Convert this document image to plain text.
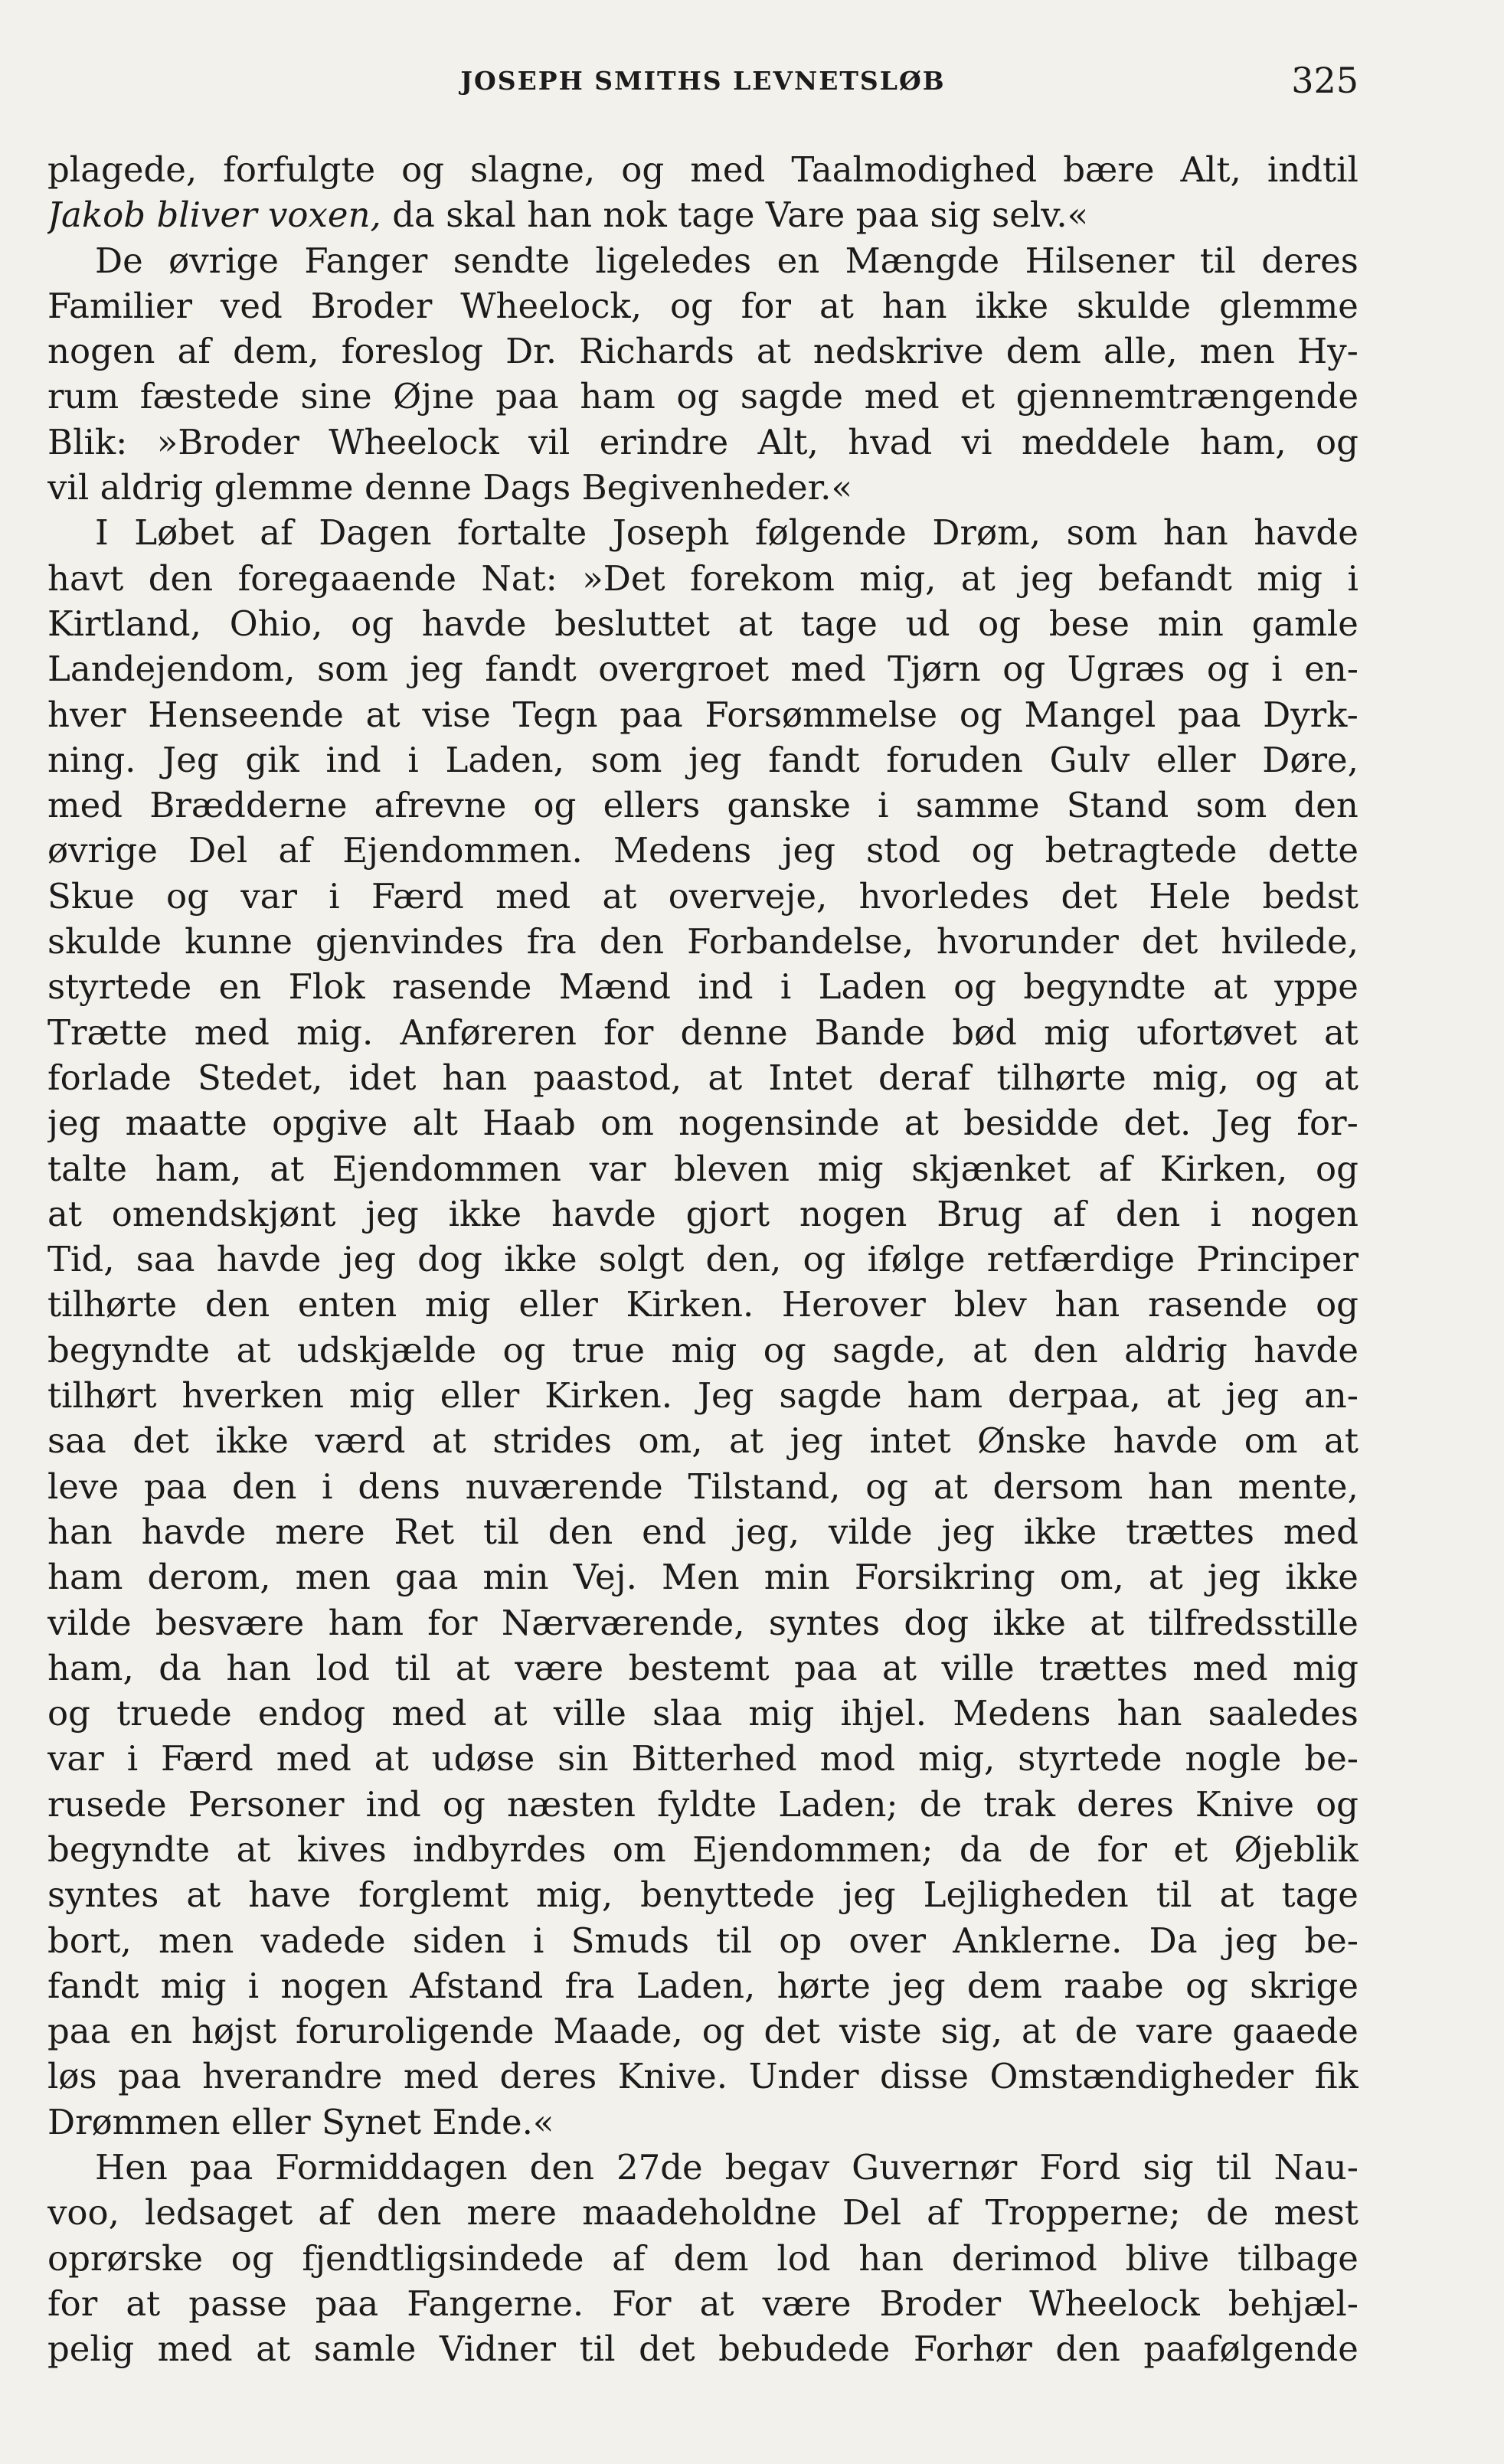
JOSEPH SMITHS LEVNETSLØB	325
plagede, forfulgte og slagne, og med Taalmodighed bære Alt, indtil
Jakob bliver voxen, da skal han nok tage Vare paa sig selv.«
De øvrige Fanger sendte ligeledes en Mængde Hilsener til deres
Familier ved Broder Wheelock, og for at han ikke skulde glemme
nogen af dem, foreslog Dr. Richards at nedskrive dem alle, men Hy-
rum fæstede sine Øjne paa ham og sagde med et gjennemtrængende
Blik: »Broder Wheelock vil erindre Alt, hvad vi meddele ham, og
vil aldrig glemme denne Dags Begivenheder.«
I Løbet af Dagen fortalte Joseph følgende Drøm, som han havde
havt den foregaaende Nat: »Det forekom mig, at jeg befandt mig i
Kirtland, Ohio, og havde besluttet at tage ud og bese min gamle
Landejendom, som jeg fandt overgroet med Tjørn og Ugræs og i en-
hver Henseende at vise Tegn paa Forsømmelse og Mangel paa Dyrk-
ning. Jeg gik ind i Laden, som jeg fandt foruden Gulv eller Døre,
med Brædderne afrevne og ellers ganske i samme Stand som den
øvrige Del af Ejendommen. Medens jeg stod og betragtede dette
Skue og var i Færd med at overveje, hvorledes det Hele bedst
skulde kunne gjenvindes fra den Forbandelse, hvorunder det hvilede,
styrtede en Flok rasende Mænd ind i Laden og begyndte at yppe
Trætte med mig. Anføreren for denne Bande bød mig ufortøvet at
forlade Stedet, idet han paastod, at Intet deraf tilhørte mig, og at
jeg maatte opgive alt Haab om nogensinde at besidde det. Jeg for-
talte ham, at Ejendommen var bleven mig skjænket af Kirken, og
at omendskjønt jeg ikke havde gjort nogen Brug af den i nogen
Tid, saa havde jeg dog ikke solgt den, og ifølge retfærdige Principer
tilhørte den enten mig eller Kirken. Herover blev han rasende og
begyndte at udskjælde og true mig og sagde, at den aldrig havde
tilhørt hverken mig eller Kirken. Jeg sagde ham derpaa, at jeg an-
saa det ikke værd at strides om, at jeg intet Ønske havde om at
leve paa den i dens nuværende Tilstand, og at dersom han mente,
han havde mere Ret til den end jeg, vilde jeg ikke trættes med
ham derom, men gaa min Vej. Men min Forsikring om, at jeg ikke
vilde besvære ham for Nærværende, syntes dog ikke at tilfredsstille
ham, da han lod til at være bestemt paa at ville trættes med mig
og truede endog med at ville slaa mig ihjel. Medens han saaledes
var i Færd med at udøse sin Bitterhed mod mig, styrtede nogle be-
rusede Personer ind og næsten fyldte Laden; de trak deres Knive og
begyndte at kives indbyrdes om Ejendommen; da de for et Øjeblik
syntes at have forglemt mig, benyttede jeg Lejligheden til at tage
bort, men vadede siden i Smuds til op over Anklerne. Da jeg be-
fandt mig i nogen Afstand fra Laden, hørte jeg dem raabe og skrige
paa en højst foruroligende Maade, og det viste sig, at de vare gaaede
løs paa hverandre med deres Knive. Under disse Omstændigheder fik
Drømmen eller Synet Ende.«
Hen paa Formiddagen den 27de begav Guvernør Ford sig til Nau-
voo, ledsaget af den mere maadeholdne Del af Tropperne; de mest
oprørske og fjendtligsindede af dem lod han derimod blive tilbage
for at passe paa Fangerne. For at være Broder Wheelock behjæl-
pelig med at samle Vidner til det bebudede Forhør den paafølgende
